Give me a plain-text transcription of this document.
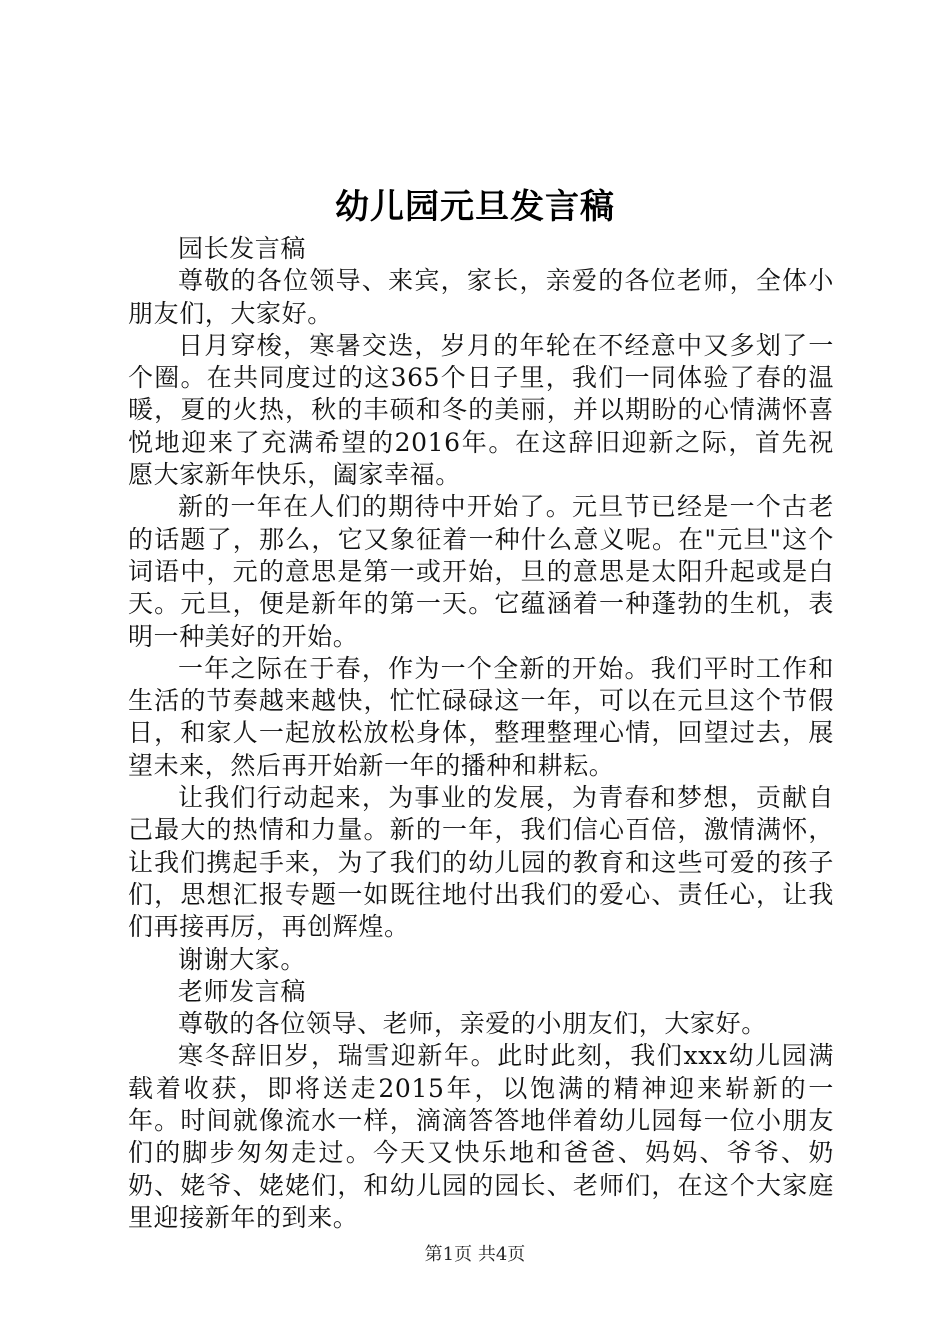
幼儿园元旦发言稿

园长发言稿

尊敬的各位领导、来宾，家长，亲爱的各位老师，全体小朋友们，大家好。

日月穿梭，寒暑交迭，岁月的年轮在不经意中又多划了一个圈。在共同度过的这365个日子里，我们一同体验了春的温暖，夏的火热，秋的丰硕和冬的美丽，并以期盼的心情满怀喜悦地迎来了充满希望的2016年。在这辞旧迎新之际，首先祝愿大家新年快乐，阖家幸福。

新的一年在人们的期待中开始了。元旦节已经是一个古老的话题了，那么，它又象征着一种什么意义呢。在"元旦"这个词语中，元的意思是第一或开始，旦的意思是太阳升起或是白天。元旦，便是新年的第一天。它蕴涵着一种蓬勃的生机，表明一种美好的开始。

一年之际在于春，作为一个全新的开始。我们平时工作和生活的节奏越来越快，忙忙碌碌这一年，可以在元旦这个节假日，和家人一起放松放松身体，整理整理心情，回望过去，展望未来，然后再开始新一年的播种和耕耘。

让我们行动起来，为事业的发展，为青春和梦想，贡献自己最大的热情和力量。新的一年，我们信心百倍，激情满怀，让我们携起手来，为了我们的幼儿园的教育和这些可爱的孩子们，思想汇报专题一如既往地付出我们的爱心、责任心，让我们再接再厉，再创辉煌。

谢谢大家。

老师发言稿

尊敬的各位领导、老师，亲爱的小朋友们，大家好。

寒冬辞旧岁，瑞雪迎新年。此时此刻，我们xxx幼儿园满载着收获，即将送走2015年，以饱满的精神迎来崭新的一年。时间就像流水一样，滴滴答答地伴着幼儿园每一位小朋友们的脚步匆匆走过。今天又快乐地和爸爸、妈妈、爷爷、奶奶、姥爷、姥姥们，和幼儿园的园长、老师们，在这个大家庭里迎接新年的到来。

第1页 共4页
